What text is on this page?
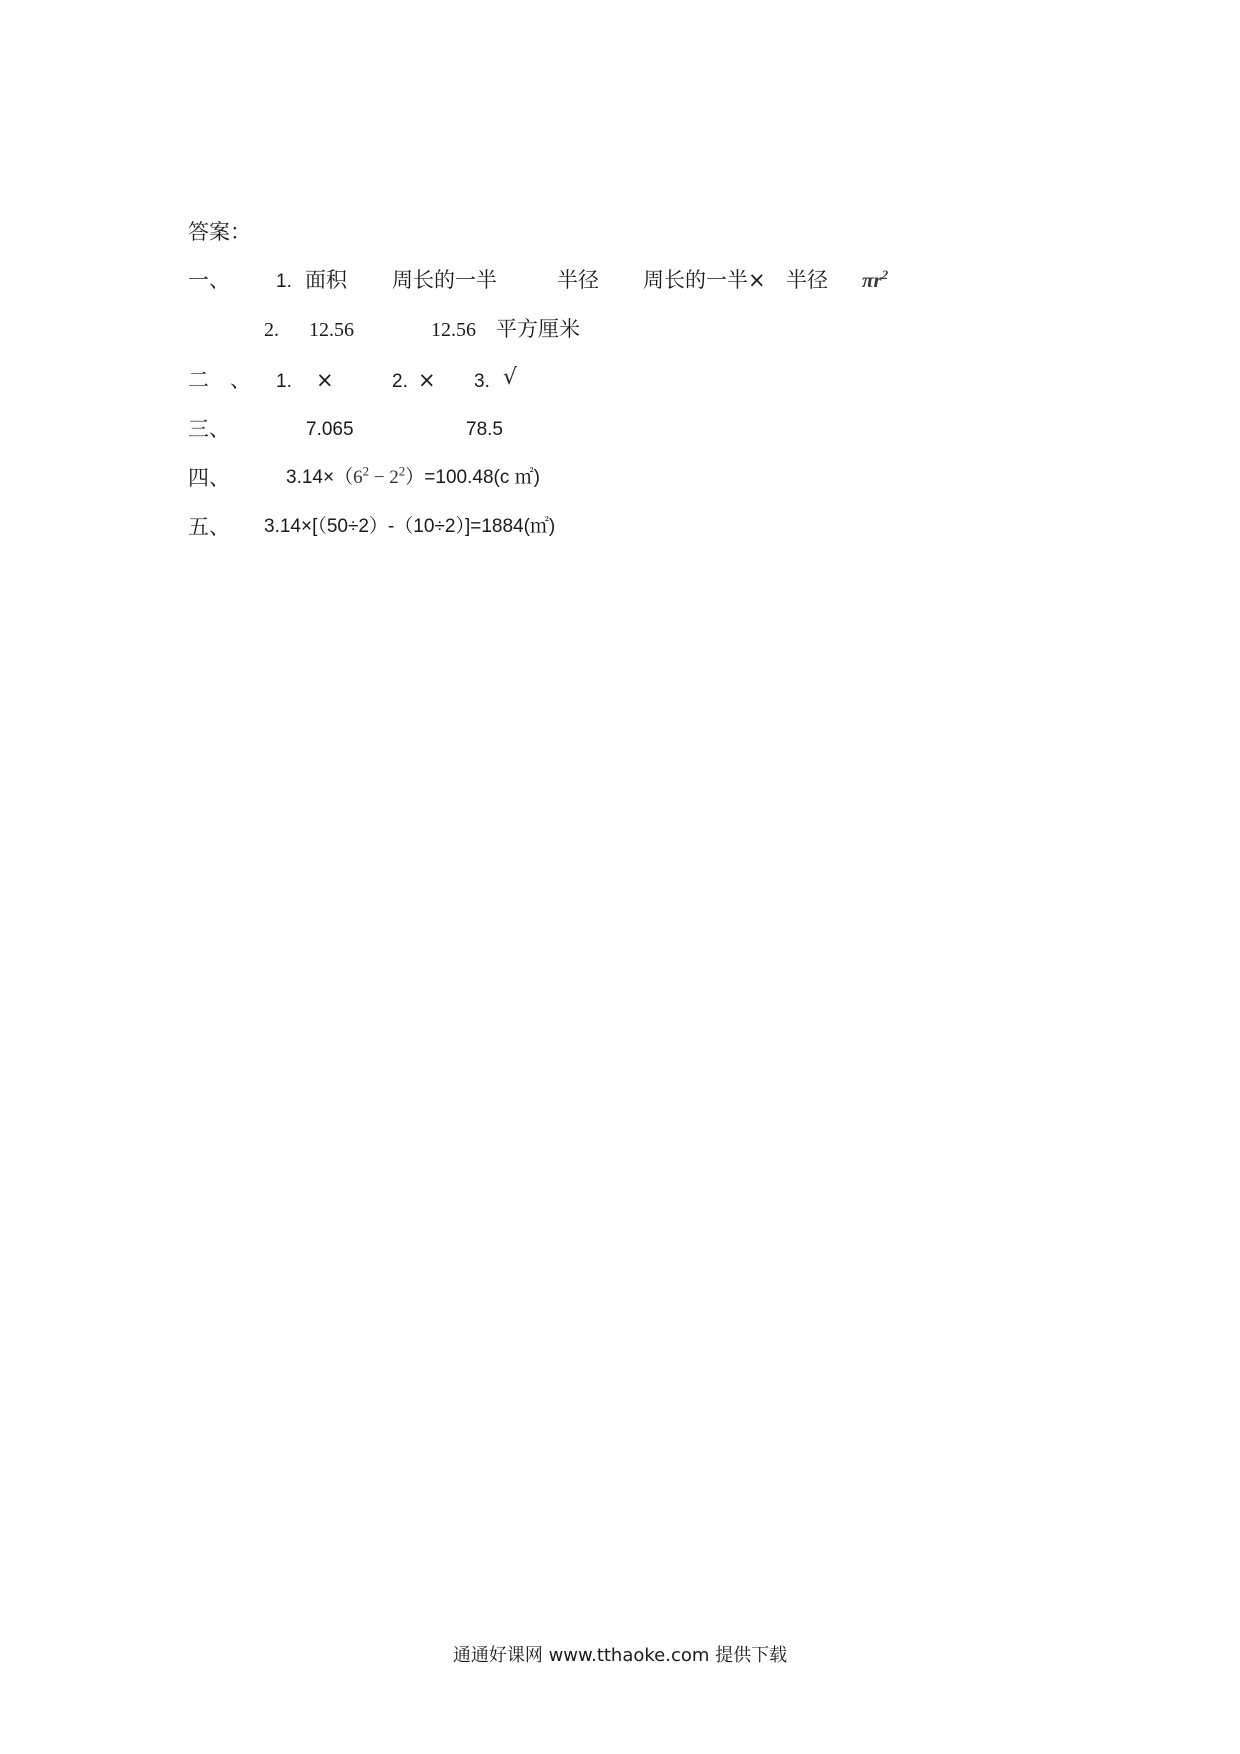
答案：
一、 1. 面积 周长的一半	半径 周长的一半× 半径 $\pi r^2$
2. 12.56	12.56 平方厘米
二　、 1. ×	2. × 3. √
三、	7.065	78.5
四、	$3.14\times(6^2 - 2^2)=100.48(c$ ㎡)
五、 3.14×[（50÷2）-（10÷2）]=1884(㎡)
通通好课网 www.tthaoke.com 提供下载
